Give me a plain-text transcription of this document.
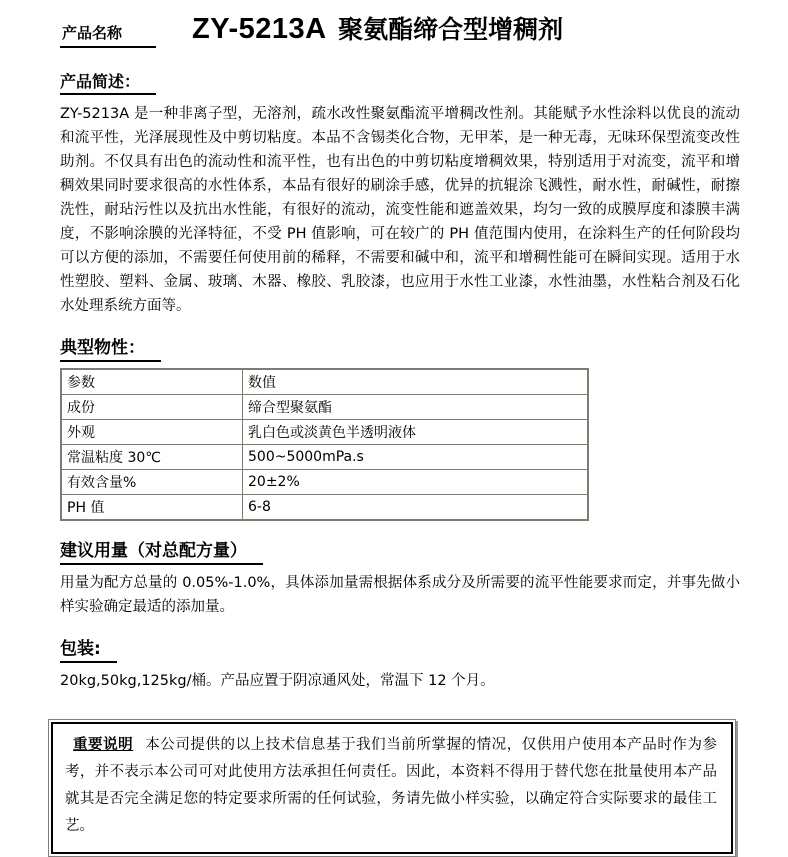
产品名称	ZY-5213A 聚氨酯缔合型增稠剂
产品简述：

ZY-5213A 是一种非离子型，无溶剂，疏水改性聚氨酯流平增稠改性剂。其能赋予水性涂料以优良的流动和流平性，光泽展现性及中剪切粘度。本品不含锡类化合物，无甲苯，是一种无毒，无味环保型流变改性助剂。不仅具有出色的流动性和流平性，也有出色的中剪切粘度增稠效果，特别适用于对流变，流平和增稠效果同时要求很高的水性体系，本品有很好的刷涂手感，优异的抗辊涂飞溅性，耐水性，耐碱性，耐擦洗性，耐玷污性以及抗出水性能，有很好的流动，流变性能和遮盖效果，均匀一致的成膜厚度和漆膜丰满度，不影响涂膜的光泽特征，不受 PH 值影响，可在较广的 PH 值范围内使用，在涂料生产的任何阶段均可以方便的添加，不需要任何使用前的稀释，不需要和碱中和，流平和增稠性能可在瞬间实现。适用于水性塑胶、塑料、金属、玻璃、木器、橡胶、乳胶漆，也应用于水性工业漆，水性油墨，水性粘合剂及石化水处理系统方面等。

典型物性：
参数	数值
成份	缔合型聚氨酯
外观	乳白色或淡黄色半透明液体
常温粘度 30℃	500~5000mPa.s
有效含量%	20±2%
PH 值	6-8
建议用量（对总配方量）

用量为配方总量的 0.05%-1.0%，具体添加量需根据体系成分及所需要的流平性能要求而定，并事先做小样实验确定最适的添加量。

包装:

20kg,50kg,125kg/桶。产品应置于阴凉通风处，常温下 12 个月。

重要说明 本公司提供的以上技术信息基于我们当前所掌握的情况，仅供用户使用本产品时作为参考，并不表示本公司可对此使用方法承担任何责任。因此，本资料不得用于替代您在批量使用本产品就其是否完全满足您的特定要求所需的任何试验，务请先做小样实验，以确定符合实际要求的最佳工艺。
